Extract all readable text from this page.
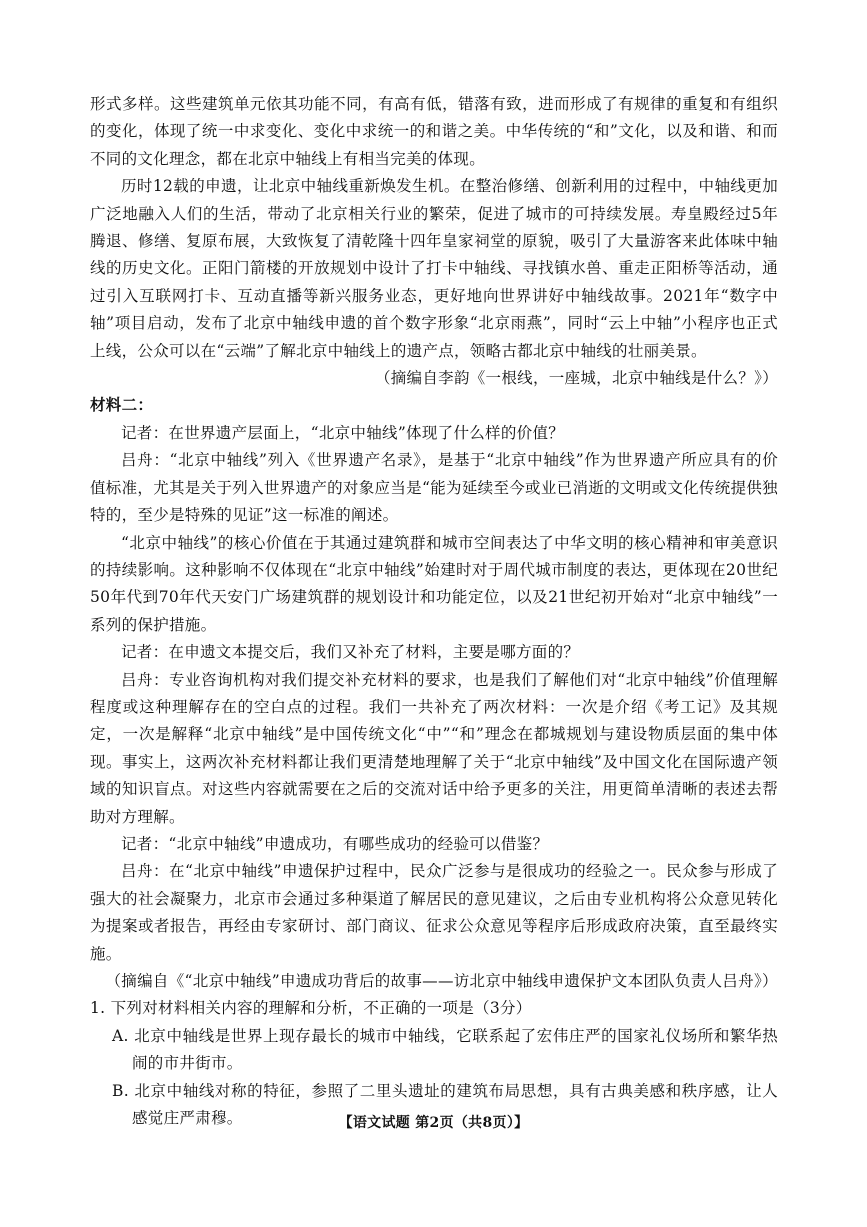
形式多样。这些建筑单元依其功能不同，有高有低，错落有致，进而形成了有规律的重复和有组织的变化，体现了统一中求变化、变化中求统一的和谐之美。中华传统的“和”文化，以及和谐、和而不同的文化理念，都在北京中轴线上有相当完美的体现。

历时12载的申遗，让北京中轴线重新焕发生机。在整治修缮、创新利用的过程中，中轴线更加广泛地融入人们的生活，带动了北京相关行业的繁荣，促进了城市的可持续发展。寿皇殿经过5年腾退、修缮、复原布展，大致恢复了清乾隆十四年皇家祠堂的原貌，吸引了大量游客来此体味中轴线的历史文化。正阳门箭楼的开放规划中设计了打卡中轴线、寻找镇水兽、重走正阳桥等活动，通过引入互联网打卡、互动直播等新兴服务业态，更好地向世界讲好中轴线故事。2021年“数字中轴”项目启动，发布了北京中轴线申遗的首个数字形象“北京雨燕”，同时“云上中轴”小程序也正式上线，公众可以在“云端”了解北京中轴线上的遗产点，领略古都北京中轴线的壮丽美景。

（摘编自李韵《一根线，一座城，北京中轴线是什么？》）

材料二：

记者：在世界遗产层面上，“北京中轴线”体现了什么样的价值？

吕舟：“北京中轴线”列入《世界遗产名录》，是基于“北京中轴线”作为世界遗产所应具有的价值标准，尤其是关于列入世界遗产的对象应当是“能为延续至今或业已消逝的文明或文化传统提供独特的，至少是特殊的见证”这一标准的阐述。

“北京中轴线”的核心价值在于其通过建筑群和城市空间表达了中华文明的核心精神和审美意识的持续影响。这种影响不仅体现在“北京中轴线”始建时对于周代城市制度的表达，更体现在20世纪50年代到70年代天安门广场建筑群的规划设计和功能定位，以及21世纪初开始对“北京中轴线”一系列的保护措施。

记者：在申遗文本提交后，我们又补充了材料，主要是哪方面的？

吕舟：专业咨询机构对我们提交补充材料的要求，也是我们了解他们对“北京中轴线”价值理解程度或这种理解存在的空白点的过程。我们一共补充了两次材料：一次是介绍《考工记》及其规定，一次是解释“北京中轴线”是中国传统文化“中”“和”理念在都城规划与建设物质层面的集中体现。事实上，这两次补充材料都让我们更清楚地理解了关于“北京中轴线”及中国文化在国际遗产领域的知识盲点。对这些内容就需要在之后的交流对话中给予更多的关注，用更简单清晰的表述去帮助对方理解。

记者：“北京中轴线”申遗成功，有哪些成功的经验可以借鉴？

吕舟：在“北京中轴线”申遗保护过程中，民众广泛参与是很成功的经验之一。民众参与形成了强大的社会凝聚力，北京市会通过多种渠道了解居民的意见建议，之后由专业机构将公众意见转化为提案或者报告，再经由专家研讨、部门商议、征求公众意见等程序后形成政府决策，直至最终实施。

（摘编自《“北京中轴线”申遗成功背后的故事——访北京中轴线申遗保护文本团队负责人吕舟》）

1. 下列对材料相关内容的理解和分析，不正确的一项是（3分）

A. 北京中轴线是世界上现存最长的城市中轴线，它联系起了宏伟庄严的国家礼仪场所和繁华热闹的市井街市。

B. 北京中轴线对称的特征，参照了二里头遗址的建筑布局思想，具有古典美感和秩序感，让人感觉庄严肃穆。	【语文试题 第2页（共8页）】
